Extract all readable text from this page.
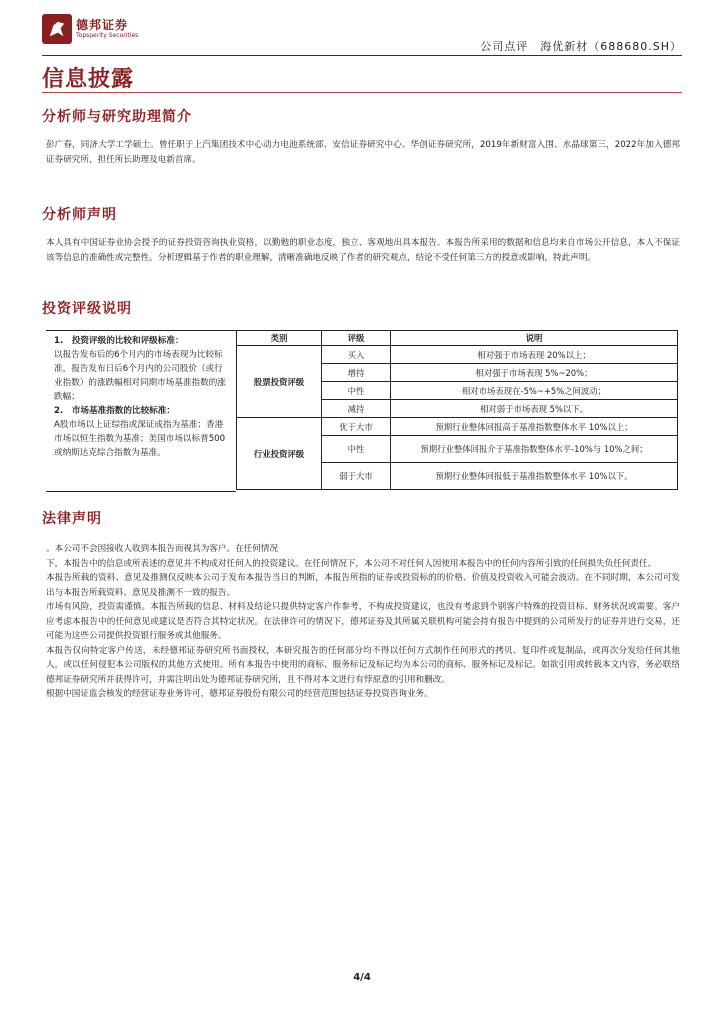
德邦证券
Topsperity Securities
公司点评　海优新材（688680.SH）
信息披露
分析师与研究助理简介
彭广春，同济大学工学硕士。曾任职于上汽集团技术中心动力电池系统部、安信证券研究中心、华创证券研究所，2019年新财富入围、水晶球第三，2022年加入德邦证券研究所，担任所长助理及电新首席。
分析师声明
本人具有中国证券业协会授予的证券投资咨询执业资格，以勤勉的职业态度，独立、客观地出具本报告。本报告所采用的数据和信息均来自市场公开信息，本人不保证该等信息的准确性或完整性。分析逻辑基于作者的职业理解，清晰准确地反映了作者的研究观点，结论不受任何第三方的授意或影响，特此声明。
投资评级说明
1.　投资评级的比较和评级标准：
以报告发布后的6个月内的市场表现为比较标准，报告发布日后6个月内的公司股价（或行业指数）的涨跌幅相对同期市场基准指数的涨跌幅；
2.　市场基准指数的比较标准：
A股市场以上证综指或深证成指为基准；香港市场以恒生指数为基准；美国市场以标普500或纳斯达克综合指数为基准。
类别	评级	说明
股票投资评级	买入	相对强于市场表现 20%以上；
	增持	相对强于市场表现 5%~20%；
	中性	相对市场表现在-5%~+5%之间波动；
	减持	相对弱于市场表现 5%以下。
行业投资评级	优于大市	预期行业整体回报高于基准指数整体水平 10%以上；
	中性	预期行业整体回报介于基准指数整体水平-10%与 10%之间；
	弱于大市	预期行业整体回报低于基准指数整体水平 10%以下。
法律声明
。本公司不会因接收人收到本报告而视其为客户。在任何情况
下，本报告中的信息或所表述的意见并不构成对任何人的投资建议。在任何情况下，本公司不对任何人因使用本报告中的任何内容所引致的任何损失负任何责任。
本报告所载的资料、意见及推测仅反映本公司于发布本报告当日的判断，本报告所指的证券或投资标的的价格、价值及投资收入可能会波动。在不同时期，本公司可发出与本报告所载资料、意见及推测不一致的报告。
市场有风险，投资需谨慎。本报告所载的信息、材料及结论只提供特定客户作参考，不构成投资建议，也没有考虑到个别客户特殊的投资目标、财务状况或需要。客户应考虑本报告中的任何意见或建议是否符合其特定状况。在法律许可的情况下，德邦证券及其所属关联机构可能会持有报告中提到的公司所发行的证券并进行交易，还可能为这些公司提供投资银行服务或其他服务。
本报告仅向特定客户传送，未经德邦证券研究所书面授权，本研究报告的任何部分均不得以任何方式制作任何形式的拷贝、复印件或复制品，或再次分发给任何其他人，或以任何侵犯本公司版权的其他方式使用。所有本报告中使用的商标、服务标记及标记均为本公司的商标、服务标记及标记。如欲引用或转载本文内容，务必联络德邦证券研究所并获得许可，并需注明出处为德邦证券研究所，且不得对本文进行有悖原意的引用和删改。
根据中国证监会核发的经营证券业务许可，德邦证券股份有限公司的经营范围包括证券投资咨询业务。
4/4
